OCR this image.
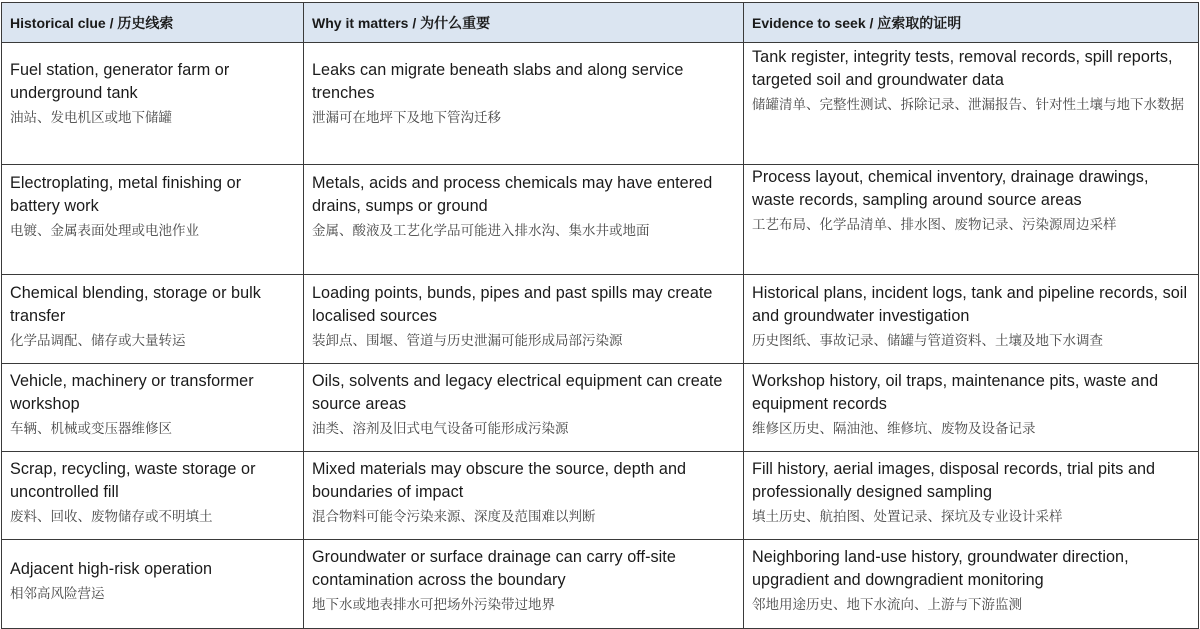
Historical clue / 历史线索	Why it matters / 为什么重要	Evidence to seek / 应索取的证明

Fuel station, generator farm or underground tank
油站、发电机区或地下储罐	Leaks can migrate beneath slabs and along service trenches
泄漏可在地坪下及地下管沟迁移	Tank register, integrity tests, removal records, spill reports, targeted soil and groundwater data
储罐清单、完整性测试、拆除记录、泄漏报告、针对性土壤与地下水数据

Electroplating, metal finishing or battery work
电镀、金属表面处理或电池作业	Metals, acids and process chemicals may have entered drains, sumps or ground
金属、酸液及工艺化学品可能进入排水沟、集水井或地面	Process layout, chemical inventory, drainage drawings, waste records, sampling around source areas
工艺布局、化学品清单、排水图、废物记录、污染源周边采样

Chemical blending, storage or bulk transfer
化学品调配、储存或大量转运	Loading points, bunds, pipes and past spills may create localised sources
装卸点、围堰、管道与历史泄漏可能形成局部污染源	Historical plans, incident logs, tank and pipeline records, soil and groundwater investigation
历史图纸、事故记录、储罐与管道资料、土壤及地下水调查

Vehicle, machinery or transformer workshop
车辆、机械或变压器维修区	Oils, solvents and legacy electrical equipment can create source areas
油类、溶剂及旧式电气设备可能形成污染源	Workshop history, oil traps, maintenance pits, waste and equipment records
维修区历史、隔油池、维修坑、废物及设备记录

Scrap, recycling, waste storage or uncontrolled fill
废料、回收、废物储存或不明填土	Mixed materials may obscure the source, depth and boundaries of impact
混合物料可能令污染来源、深度及范围难以判断	Fill history, aerial images, disposal records, trial pits and professionally designed sampling
填土历史、航拍图、处置记录、探坑及专业设计采样

Adjacent high-risk operation
相邻高风险营运	Groundwater or surface drainage can carry off-site contamination across the boundary
地下水或地表排水可把场外污染带过地界	Neighboring land-use history, groundwater direction, upgradient and downgradient monitoring
邻地用途历史、地下水流向、上游与下游监测
